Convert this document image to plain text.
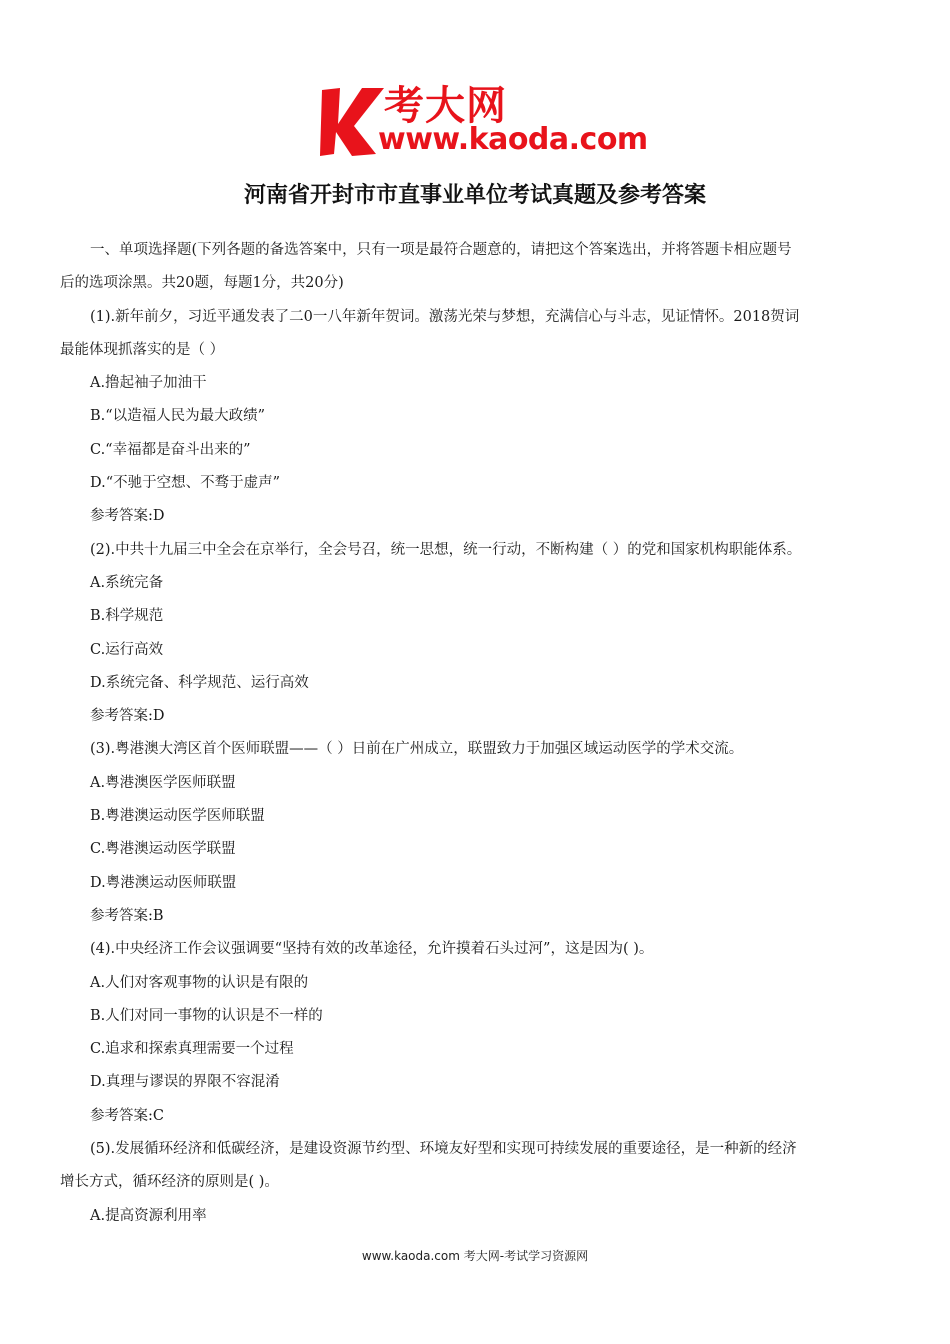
考大网
www.kaoda.com
河南省开封市市直事业单位考试真题及参考答案
一、单项选择题(下列各题的备选答案中，只有一项是最符合题意的，请把这个答案选出，并将答题卡相应题号
后的选项涂黑。共20题，每题1分，共20分)
(1).新年前夕，习近平通发表了二0一八年新年贺词。激荡光荣与梦想，充满信心与斗志，见证情怀。2018贺词
最能体现抓落实的是（ ）
A.撸起袖子加油干
B.“以造福人民为最大政绩”
C.“幸福都是奋斗出来的”
D.“不驰于空想、不骛于虚声”
参考答案:D
(2).中共十九届三中全会在京举行，全会号召，统一思想，统一行动，不断构建（ ）的党和国家机构职能体系。
A.系统完备
B.科学规范
C.运行高效
D.系统完备、科学规范、运行高效
参考答案:D
(3).粤港澳大湾区首个医师联盟——（ ）日前在广州成立，联盟致力于加强区域运动医学的学术交流。
A.粤港澳医学医师联盟
B.粤港澳运动医学医师联盟
C.粤港澳运动医学联盟
D.粤港澳运动医师联盟
参考答案:B
(4).中央经济工作会议强调要“坚持有效的改革途径，允许摸着石头过河”，这是因为( )。
A.人们对客观事物的认识是有限的
B.人们对同一事物的认识是不一样的
C.追求和探索真理需要一个过程
D.真理与谬误的界限不容混淆
参考答案:C
(5).发展循环经济和低碳经济，是建设资源节约型、环境友好型和实现可持续发展的重要途径，是一种新的经济
增长方式，循环经济的原则是( )。
A.提高资源利用率
www.kaoda.com 考大网-考试学习资源网
